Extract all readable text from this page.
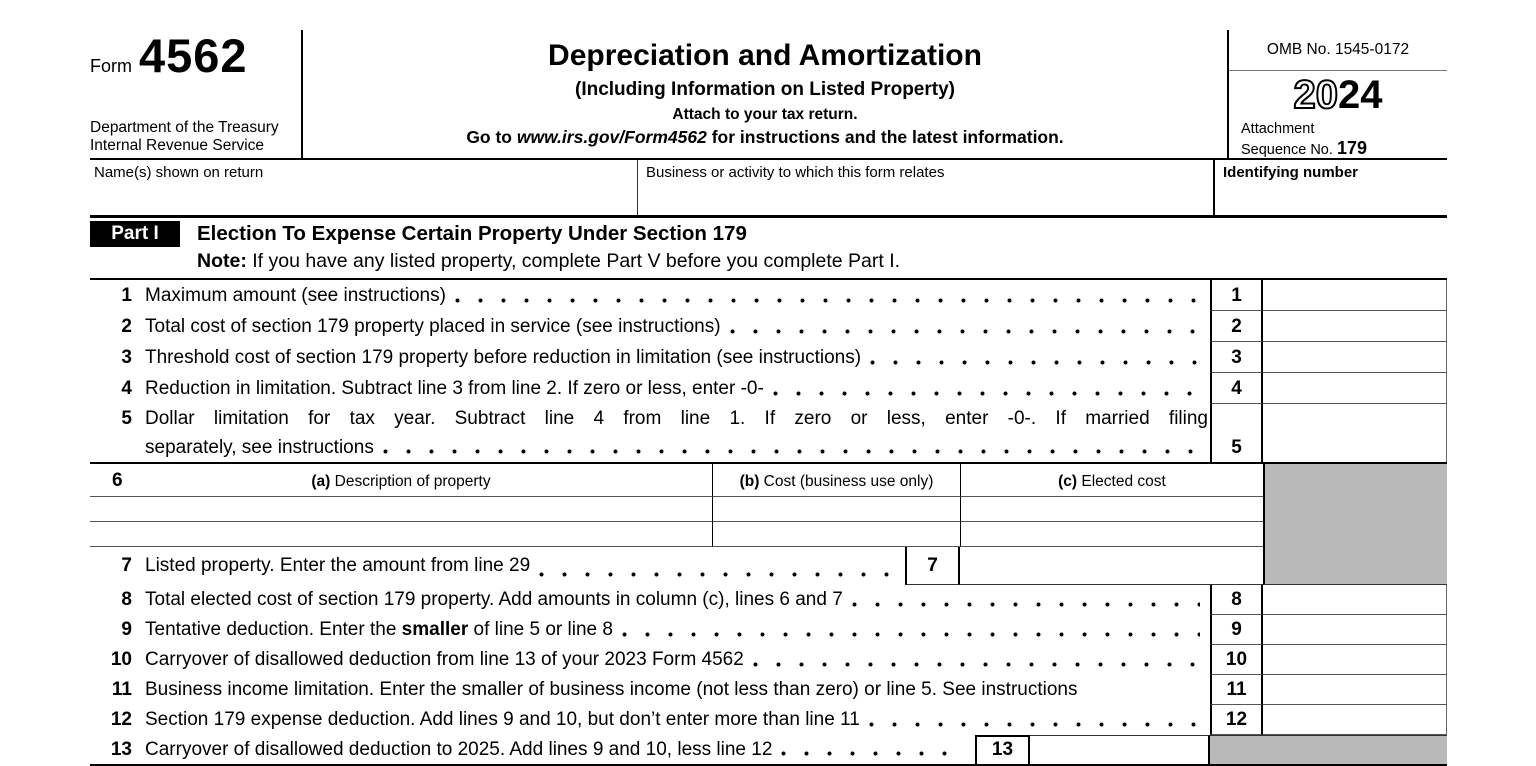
Form 4562
Department of the Treasury
Internal Revenue Service
Depreciation and Amortization
(Including Information on Listed Property)
Attach to your tax return.
Go to www.irs.gov/Form4562 for instructions and the latest information.
OMB No. 1545-0172
2024
Attachment
Sequence No. 179
Name(s) shown on return	Business or activity to which this form relates	Identifying number
Part I	Election To Expense Certain Property Under Section 179
Note: If you have any listed property, complete Part V before you complete Part I.
1 Maximum amount (see instructions)	1
2 Total cost of section 179 property placed in service (see instructions)	2
3 Threshold cost of section 179 property before reduction in limitation (see instructions)	3
4 Reduction in limitation. Subtract line 3 from line 2. If zero or less, enter -0-	4
5 Dollar limitation for tax year. Subtract line 4 from line 1. If zero or less, enter -0-. If married filing
separately, see instructions	5
6	(a) Description of property	(b) Cost (business use only)	(c) Elected cost
7 Listed property. Enter the amount from line 29	7
8 Total elected cost of section 179 property. Add amounts in column (c), lines 6 and 7	8
9 Tentative deduction. Enter the smaller of line 5 or line 8	9
10 Carryover of disallowed deduction from line 13 of your 2023 Form 4562	10
11 Business income limitation. Enter the smaller of business income (not less than zero) or line 5. See instructions	11
12 Section 179 expense deduction. Add lines 9 and 10, but don’t enter more than line 11	12
13 Carryover of disallowed deduction to 2025. Add lines 9 and 10, less line 12	13
